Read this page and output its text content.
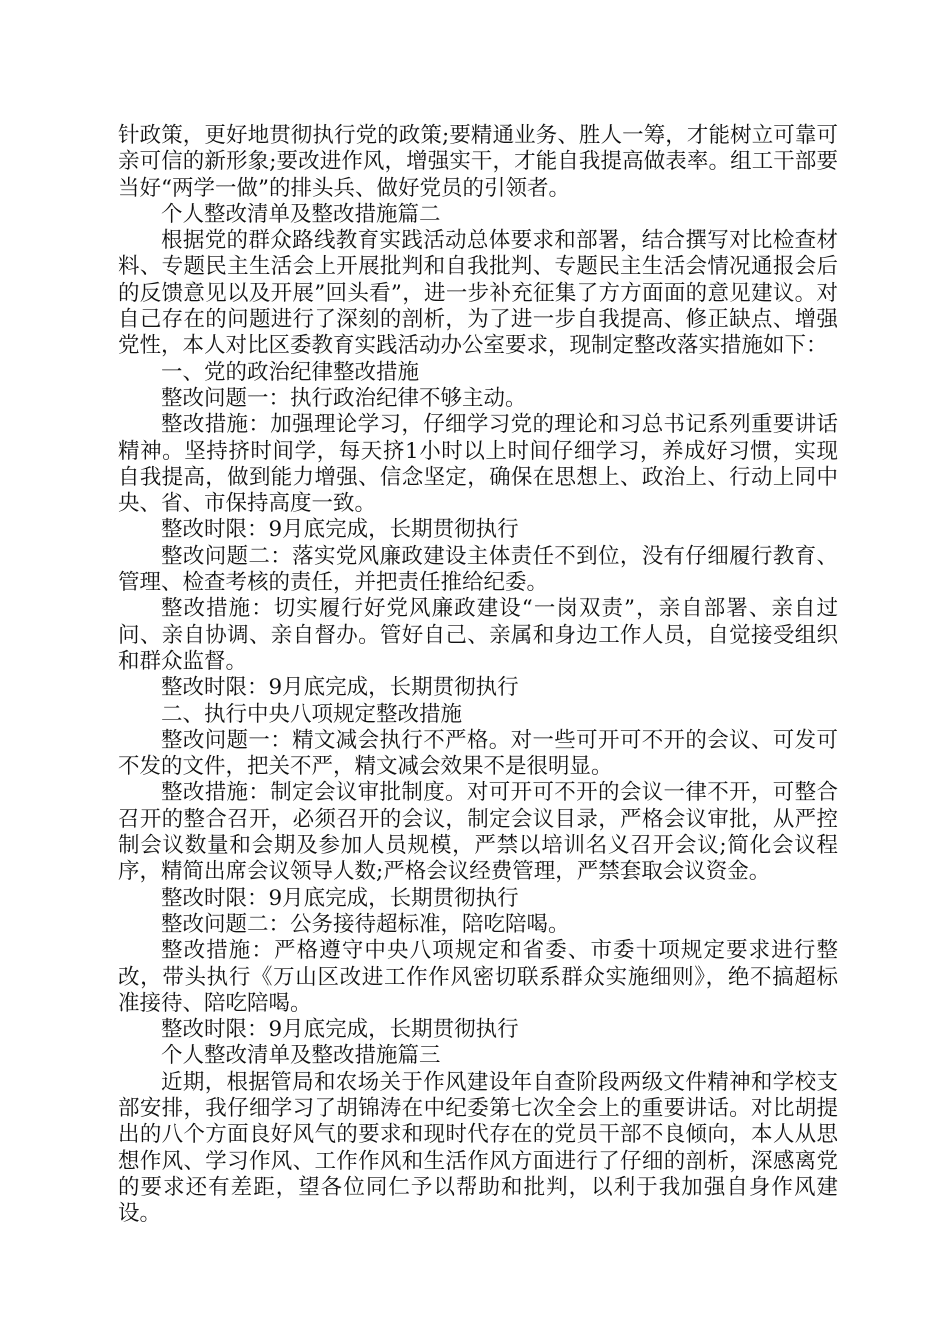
针政策，更好地贯彻执行党的政策;要精通业务、胜人一筹，才能树立可靠可亲可信的新形象;要改进作风，增强实干，才能自我提高做表率。组工干部要当好“两学一做”的排头兵、做好党员的引领者。

个人整改清单及整改措施篇二

根据党的群众路线教育实践活动总体要求和部署，结合撰写对比检查材料、专题民主生活会上开展批判和自我批判、专题民主生活会情况通报会后的反馈意见以及开展”回头看”，进一步补充征集了方方面面的意见建议。对自己存在的问题进行了深刻的剖析，为了进一步自我提高、修正缺点、增强党性，本人对比区委教育实践活动办公室要求，现制定整改落实措施如下：

一、党的政治纪律整改措施

整改问题一：执行政治纪律不够主动。

整改措施：加强理论学习，仔细学习党的理论和习总书记系列重要讲话精神。坚持挤时间学，每天挤1小时以上时间仔细学习，养成好习惯，实现自我提高，做到能力增强、信念坚定，确保在思想上、政治上、行动上同中央、省、市保持高度一致。

整改时限：9月底完成，长期贯彻执行

整改问题二：落实党风廉政建设主体责任不到位，没有仔细履行教育、管理、检查考核的责任，并把责任推给纪委。

整改措施：切实履行好党风廉政建设“一岗双责”，亲自部署、亲自过问、亲自协调、亲自督办。管好自己、亲属和身边工作人员，自觉接受组织和群众监督。

整改时限：9月底完成，长期贯彻执行

二、执行中央八项规定整改措施

整改问题一：精文减会执行不严格。对一些可开可不开的会议、可发可不发的文件，把关不严，精文减会效果不是很明显。

整改措施：制定会议审批制度。对可开可不开的会议一律不开，可整合召开的整合召开，必须召开的会议，制定会议目录，严格会议审批，从严控制会议数量和会期及参加人员规模，严禁以培训名义召开会议;简化会议程序，精简出席会议领导人数;严格会议经费管理，严禁套取会议资金。

整改时限：9月底完成，长期贯彻执行

整改问题二：公务接待超标准，陪吃陪喝。

整改措施：严格遵守中央八项规定和省委、市委十项规定要求进行整改，带头执行《万山区改进工作作风密切联系群众实施细则》，绝不搞超标准接待、陪吃陪喝。

整改时限：9月底完成，长期贯彻执行

个人整改清单及整改措施篇三

近期，根据管局和农场关于作风建设年自查阶段两级文件精神和学校支部安排，我仔细学习了胡锦涛在中纪委第七次全会上的重要讲话。对比胡提出的八个方面良好风气的要求和现时代存在的党员干部不良倾向，本人从思想作风、学习作风、工作作风和生活作风方面进行了仔细的剖析，深感离党的要求还有差距，望各位同仁予以帮助和批判，以利于我加强自身作风建设。
